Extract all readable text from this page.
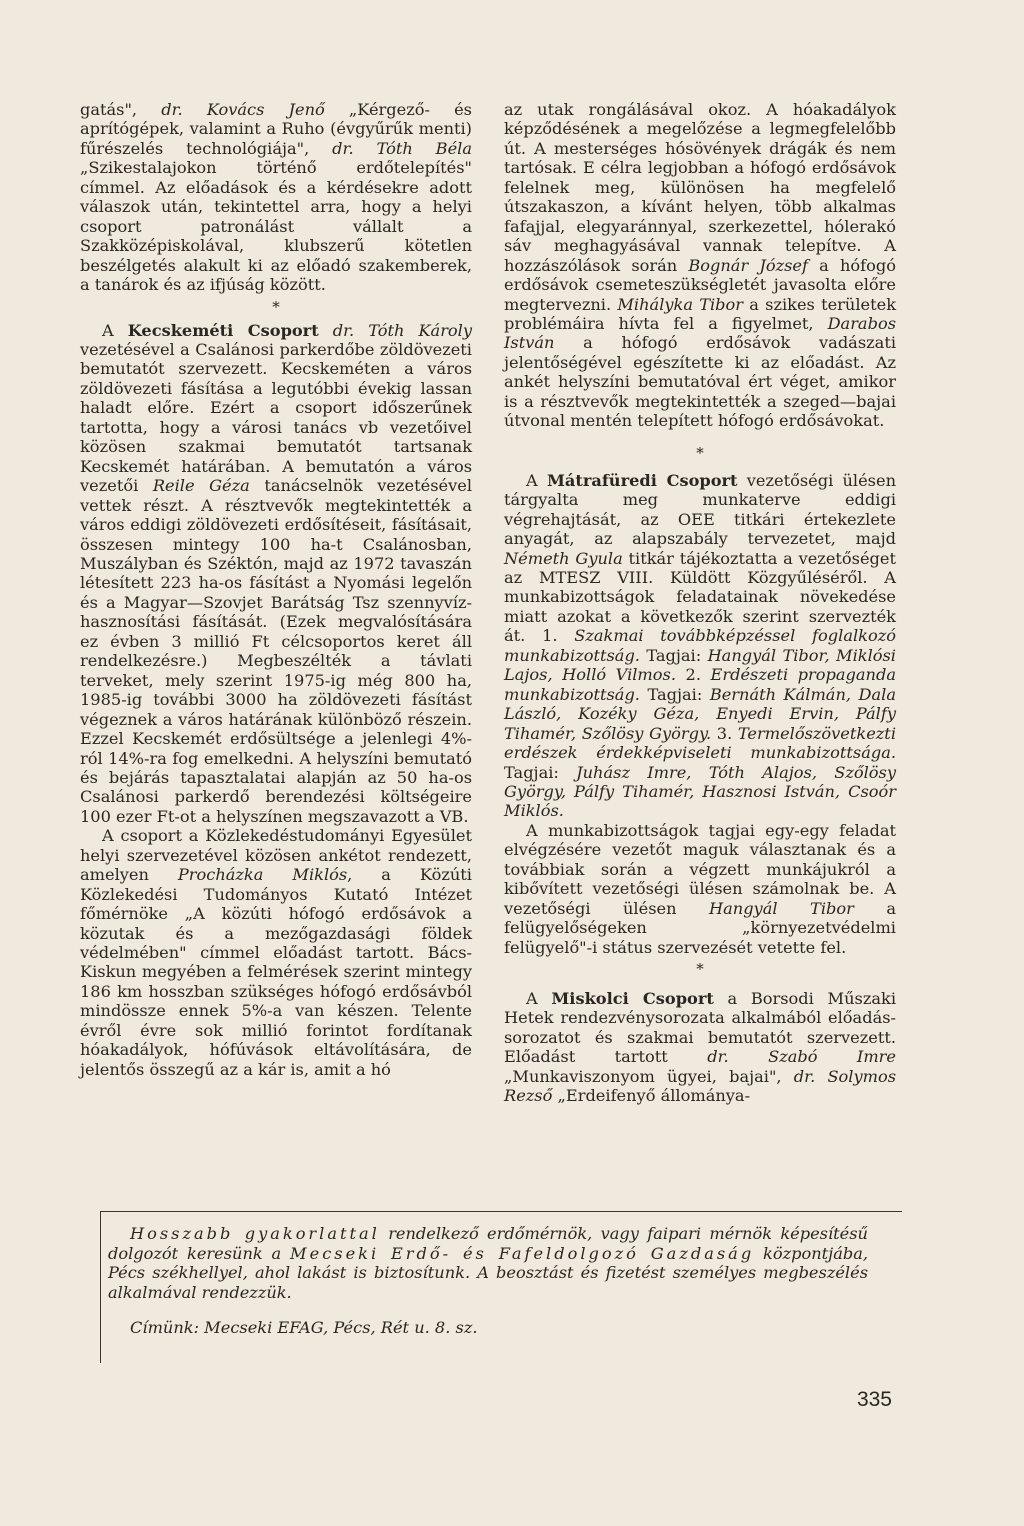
gatás", dr. Kovács Jenő „Kérgező- és aprítógépek, valamint a Ruho (évgyűrűk menti) fűrészelés technológiája", dr. Tóth Béla „Szikestalajokon történő erdőtelepítés" címmel. Az előadások és a kérdésekre adott válaszok után, tekintettel arra, hogy a helyi csoport patronálást vállalt a Szakközépiskolával, klubszerű kötetlen beszélgetés alakult ki az előadó szakemberek, a tanárok és az ifjúság között.

*

A Kecskeméti Csoport dr. Tóth Károly vezetésével a Csalánosi parkerdőbe zöldövezeti bemutatót szervezett. Kecskeméten a város zöldövezeti fásítása a legutóbbi évekig lassan haladt előre. Ezért a csoport időszerűnek tartotta, hogy a városi tanács vb vezetőivel közösen szakmai bemutatót tartsanak Kecskemét határában. A bemutatón a város vezetői Reile Géza tanácselnök vezetésével vettek részt. A résztvevők megtekintették a város eddigi zöldövezeti erdősítéseit, fásításait, összesen mintegy 100 ha-t Csalánosban, Muszályban és Széktón, majd az 1972 tavaszán létesített 223 ha-os fásítást a Nyomási legelőn és a Magyar—Szovjet Barátság Tsz szennyvíz-hasznosítási fásítását. (Ezek megvalósítására ez évben 3 millió Ft célcsoportos keret áll rendelkezésre.) Megbeszélték a távlati terveket, mely szerint 1975-ig még 800 ha, 1985-ig további 3000 ha zöldövezeti fásítást végeznek a város határának különböző részein. Ezzel Kecskemét erdősültsége a jelenlegi 4%-ról 14%-ra fog emelkedni. A helyszíni bemutató és bejárás tapasztalatai alapján az 50 ha-os Csalánosi parkerdő berendezési költségeire 100 ezer Ft-ot a helyszínen megszavazott a VB.

A csoport a Közlekedéstudományi Egyesület helyi szervezetével közösen ankétot rendezett, amelyen Procházka Miklós, a Közúti Közlekedési Tudományos Kutató Intézet főmérnöke „A közúti hófogó erdősávok a közutak és a mezőgazdasági földek védelmében" címmel előadást tartott. Bács-Kiskun megyében a felmérések szerint mintegy 186 km hosszban szükséges hófogó erdősávból mindössze ennek 5%-a van készen. Telente évről évre sok millió forintot fordítanak hóakadályok, hófúvások eltávolítására, de jelentős összegű az a kár is, amit a hó

az utak rongálásával okoz. A hóakadályok képződésének a megelőzése a legmegfelelőbb út. A mesterséges hósövények drágák és nem tartósak. E célra legjobban a hófogó erdősávok felelnek meg, különösen ha megfelelő útszakaszon, a kívánt helyen, több alkalmas fafajjal, elegyaránnyal, szerkezettel, hólerakó sáv meghagyásával vannak telepítve. A hozzászólások során Bognár József a hófogó erdősávok csemeteszükségletét javasolta előre megtervezni. Mihályka Tibor a szikes területek problémáira hívta fel a figyelmet, Darabos István a hófogó erdősávok vadászati jelentőségével egészítette ki az előadást. Az ankét helyszíni bemutatóval ért véget, amikor is a résztvevők megtekintették a szeged—bajai útvonal mentén telepített hófogó erdősávokat.

*

A Mátrafüredi Csoport vezetőségi ülésen tárgyalta meg munkaterve eddigi végrehajtását, az OEE titkári értekezlete anyagát, az alapszabály tervezetet, majd Németh Gyula titkár tájékoztatta a vezetőséget az MTESZ VIII. Küldött Közgyűléséről. A munkabizottságok feladatainak növekedése miatt azokat a következők szerint szervezték át. 1. Szakmai továbbképzéssel foglalkozó munkabizottság. Tagjai: Hangyál Tibor, Miklósi Lajos, Holló Vilmos. 2. Erdészeti propaganda munkabizottság. Tagjai: Bernáth Kálmán, Dala László, Kozéky Géza, Enyedi Ervin, Pálfy Tihamér, Szőlösy György. 3. Termelőszövetkezti erdészek érdekképviseleti munkabizottsága. Tagjai: Juhász Imre, Tóth Alajos, Szőlösy György, Pálfy Tihamér, Hasznosi István, Csoór Miklós.

A munkabizottságok tagjai egy-egy feladat elvégzésére vezetőt maguk választanak és a továbbiak során a végzett munkájukról a kibővített vezetőségi ülésen számolnak be. A vezetőségi ülésen Hangyál Tibor a felügyelőségeken „környezetvédelmi felügyelő"-i státus szervezését vetette fel.

*

A Miskolci Csoport a Borsodi Műszaki Hetek rendezvénysorozata alkalmából előadás-sorozatot és szakmai bemutatót szervezett. Előadást tartott dr. Szabó Imre „Munkaviszonyom ügyei, bajai", dr. Solymos Rezső „Erdeifenyő állománya-

Hosszabb gyakorlattal rendelkező erdőmérnök, vagy faipari mérnök képesítésű dolgozót keresünk a Mecseki Erdő- és Fafeldolgozó Gazdaság központjába, Pécs székhellyel, ahol lakást is biztosítunk. A beosztást és fizetést személyes megbeszélés alkalmával rendezzük.

Címünk: Mecseki EFAG, Pécs, Rét u. 8. sz.

335
